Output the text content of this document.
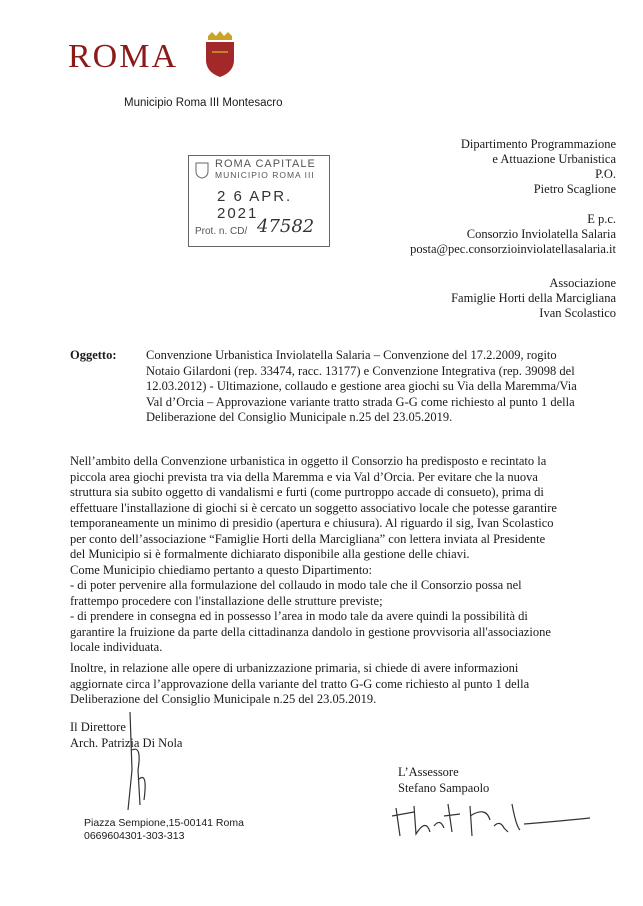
ROMA
Municipio Roma III Montesacro
ROMA CAPITALE
MUNICIPIO ROMA III
2 6 APR. 2021
Prot. n. CD/ 47582
Dipartimento Programmazione
e Attuazione Urbanistica
P.O.
Pietro Scaglione
E p.c.
Consorzio Inviolatella Salaria
posta@pec.consorzioinviolatellasalaria.it
Associazione
Famiglie Horti della Marcigliana
Ivan Scolastico
Oggetto: Convenzione Urbanistica Inviolatella Salaria – Convenzione del 17.2.2009, rogito
Notaio Gilardoni (rep. 33474, racc. 13177) e Convenzione Integrativa (rep. 39098 del
12.03.2012) - Ultimazione, collaudo e gestione area giochi su Via della Maremma/Via
Val d’Orcia – Approvazione variante tratto strada G-G come richiesto al punto 1 della
Deliberazione del Consiglio Municipale n.25 del 23.05.2019.
Nell’ambito della Convenzione urbanistica in oggetto il Consorzio ha predisposto e recintato la
piccola area giochi prevista tra via della Maremma e via Val d’Orcia. Per evitare che la nuova
struttura sia subito oggetto di vandalismi e furti (come purtroppo accade di consueto), prima di
effettuare l'installazione di giochi si è cercato un soggetto associativo locale che potesse garantire
temporaneamente un minimo di presidio (apertura e chiusura). Al riguardo il sig, Ivan Scolastico
per conto dell’associazione “Famiglie Horti della Marcigliana” con lettera inviata al Presidente
del Municipio si è formalmente dichiarato disponibile alla gestione delle chiavi.
Come Municipio chiediamo pertanto a questo Dipartimento:
- di poter pervenire alla formulazione del collaudo in modo tale che il Consorzio possa nel
frattempo procedere con l'installazione delle strutture previste;
- di prendere in consegna ed in possesso l’area in modo tale da avere quindi la possibilità di
garantire la fruizione da parte della cittadinanza dandolo in gestione provvisoria all'associazione
locale individuata.
Inoltre, in relazione alle opere di urbanizzazione primaria, si chiede di avere informazioni
aggiornate circa l’approvazione della variante del tratto G-G come richiesto al punto 1 della
Deliberazione del Consiglio Municipale n.25 del 23.05.2019.
Il Direttore
Arch. Patrizia Di Nola
L’Assessore
Stefano Sampaolo
Piazza Sempione,15-00141 Roma
0669604301-303-313
